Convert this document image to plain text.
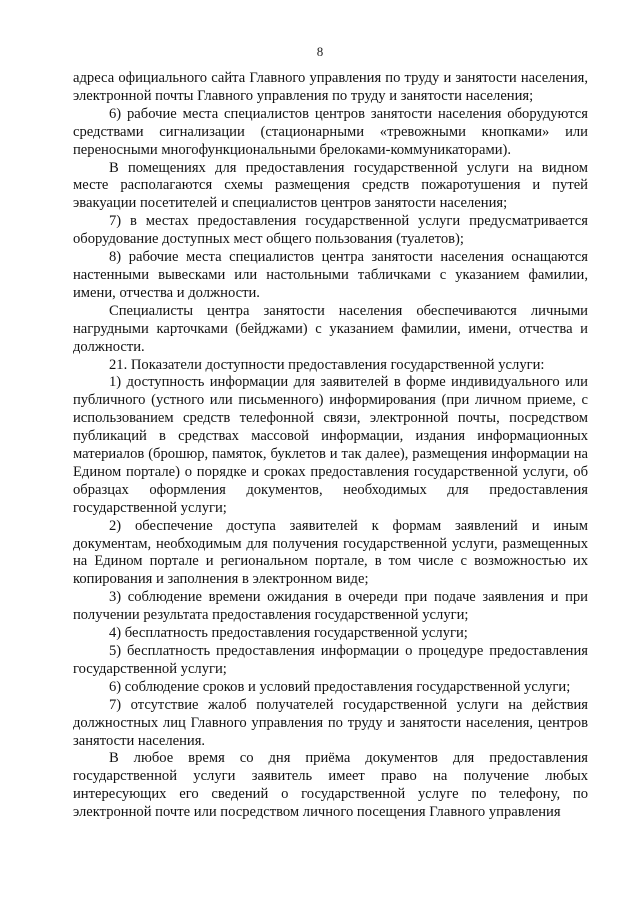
8

адреса официального сайта Главного управления по труду и занятости населения, электронной почты Главного управления по труду и занятости населения;

6) рабочие места специалистов центров занятости населения оборудуются средствами сигнализации (стационарными «тревожными кнопками» или переносными многофункциональными брелоками-коммуникаторами).

В помещениях для предоставления государственной услуги на видном месте располагаются схемы размещения средств пожаротушения и путей эвакуации посетителей и специалистов центров занятости населения;

7) в местах предоставления государственной услуги предусматривается оборудование доступных мест общего пользования (туалетов);

8) рабочие места специалистов центра занятости населения оснащаются настенными вывесками или настольными табличками с указанием фамилии, имени, отчества и должности.

Специалисты центра занятости населения обеспечиваются личными нагрудными карточками (бейджами) с указанием фамилии, имени, отчества и должности.

21. Показатели доступности предоставления государственной услуги:

1) доступность информации для заявителей в форме индивидуального или публичного (устного или письменного) информирования (при личном приеме, с использованием средств телефонной связи, электронной почты, посредством публикаций в средствах массовой информации, издания информационных материалов (брошюр, памяток, буклетов и так далее), размещения информации на Едином портале) о порядке и сроках предоставления государственной услуги, об образцах оформления документов, необходимых для предоставления государственной услуги;

2) обеспечение доступа заявителей к формам заявлений и иным документам, необходимым для получения государственной услуги, размещенных на Едином портале и региональном портале, в том числе с возможностью их копирования и заполнения в электронном виде;

3) соблюдение времени ожидания в очереди при подаче заявления и при получении результата предоставления государственной услуги;

4) бесплатность предоставления государственной услуги;

5) бесплатность предоставления информации о процедуре предоставления государственной услуги;

6) соблюдение сроков и условий предоставления государственной услуги;

7) отсутствие жалоб получателей государственной услуги на действия должностных лиц Главного управления по труду и занятости населения, центров занятости населения.

В любое время со дня приёма документов для предоставления государственной услуги заявитель имеет право на получение любых интересующих его сведений о государственной услуге по телефону, по электронной почте или посредством личного посещения Главного управления
